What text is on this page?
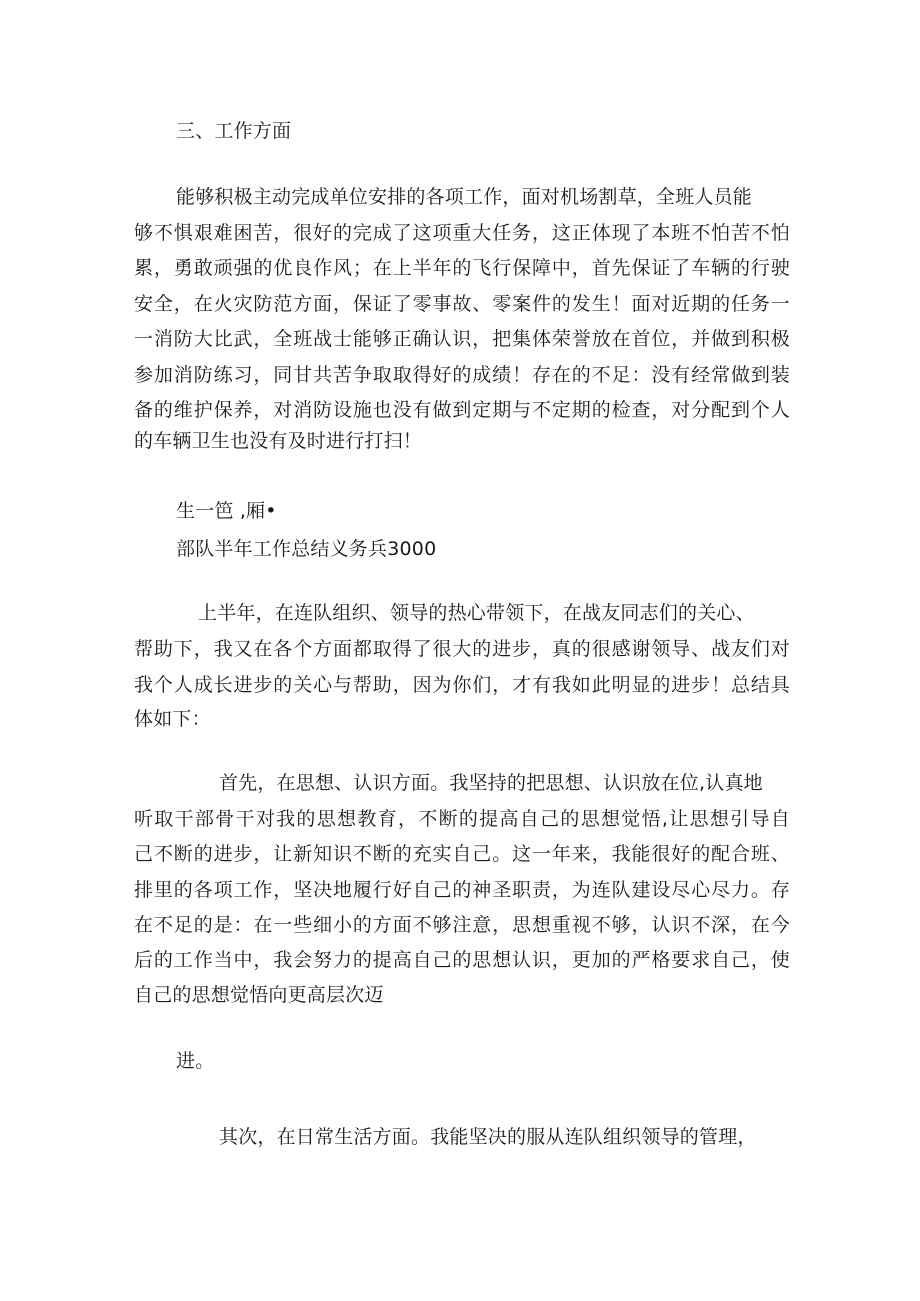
三、工作方面
能够积极主动完成单位安排的各项工作，面对机场割草，全班人员能
够不惧艰难困苦，很好的完成了这项重大任务，这正体现了本班不怕苦不怕
累，勇敢顽强的优良作风；在上半年的飞行保障中，首先保证了车辆的行驶
安全，在火灾防范方面，保证了零事故、零案件的发生！面对近期的任务一
一消防大比武，全班战士能够正确认识，把集体荣誉放在首位，并做到积极
参加消防练习，同甘共苦争取取得好的成绩！存在的不足：没有经常做到装
备的维护保养，对消防设施也没有做到定期与不定期的检查，对分配到个人
的车辆卫生也没有及时进行打扫！
生一笆 ,厢•
部队半年工作总结义务兵3000
上半年，在连队组织、领导的热心带领下，在战友同志们的关心、
帮助下，我又在各个方面都取得了很大的进步，真的很感谢领导、战友们对
我个人成长进步的关心与帮助，因为你们，才有我如此明显的进步！总结具
体如下：
首先，在思想、认识方面。我坚持的把思想、认识放在位,认真地
听取干部骨干对我的思想教育，不断的提高自己的思想觉悟,让思想引导自
己不断的进步，让新知识不断的充实自己。这一年来，我能很好的配合班、
排里的各项工作，坚决地履行好自己的神圣职责，为连队建设尽心尽力。存
在不足的是：在一些细小的方面不够注意，思想重视不够，认识不深，在今
后的工作当中，我会努力的提高自己的思想认识，更加的严格要求自己，使
自己的思想觉悟向更高层次迈
进。
其次，在日常生活方面。我能坚决的服从连队组织领导的管理，
